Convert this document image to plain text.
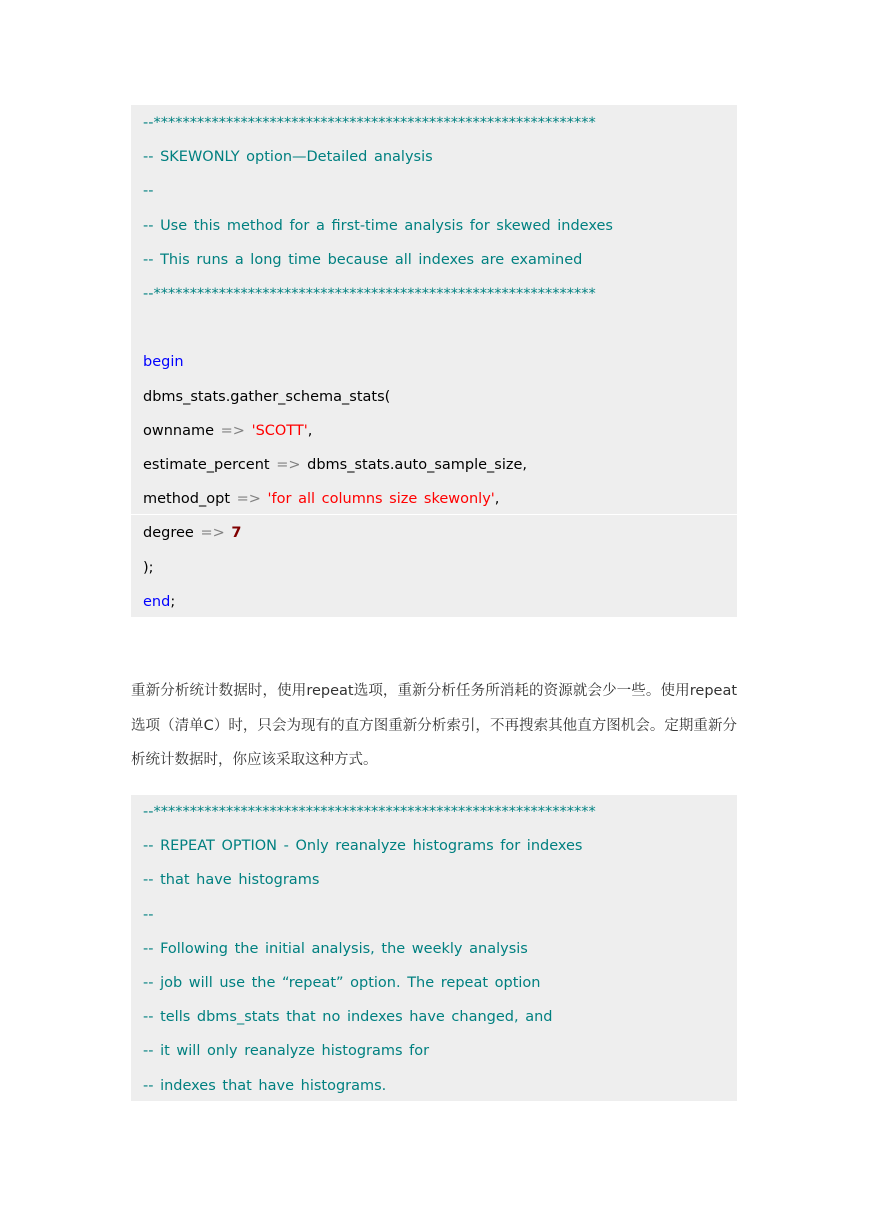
--*************************************************************
-- SKEWONLY option—Detailed analysis
--
-- Use this method for a first-time analysis for skewed indexes
-- This runs a long time because all indexes are examined
--*************************************************************
begin
dbms_stats.gather_schema_stats(
ownname => 'SCOTT',
estimate_percent => dbms_stats.auto_sample_size,
method_opt => 'for all columns size skewonly',
degree => 7
);
end;
重新分析统计数据时，使用repeat选项，重新分析任务所消耗的资源就会少一些。使用repeat选项（清单C）时，只会为现有的直方图重新分析索引，不再搜索其他直方图机会。定期重新分析统计数据时，你应该采取这种方式。
--*************************************************************
-- REPEAT OPTION - Only reanalyze histograms for indexes
-- that have histograms
--
-- Following the initial analysis, the weekly analysis
-- job will use the “repeat” option. The repeat option
-- tells dbms_stats that no indexes have changed, and
-- it will only reanalyze histograms for
-- indexes that have histograms.
